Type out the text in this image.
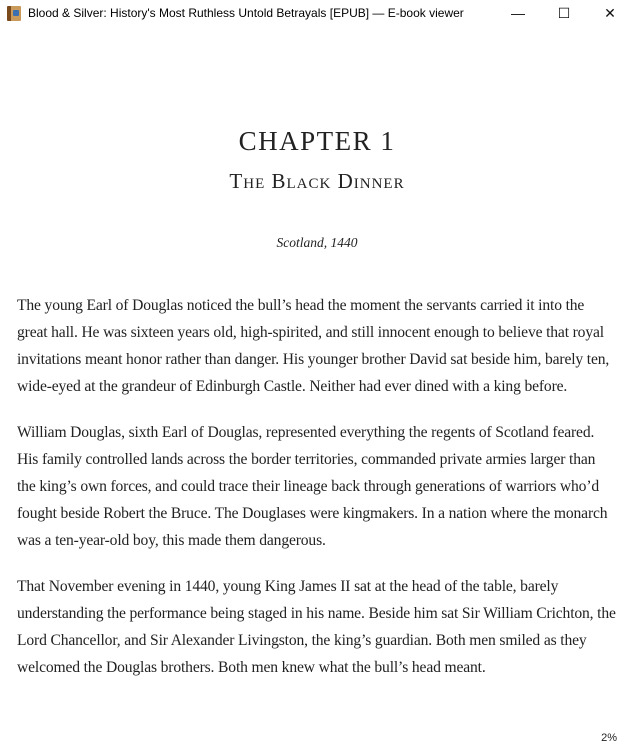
Blood & Silver: History's Most Ruthless Untold Betrayals [EPUB] — E-book viewer	—	☐	✕
CHAPTER 1
The Black Dinner
Scotland, 1440

The young Earl of Douglas noticed the bull’s head the moment the servants carried it into the great hall. He was sixteen years old, high-spirited, and still innocent enough to believe that royal invitations meant honor rather than danger. His younger brother David sat beside him, barely ten, wide-eyed at the grandeur of Edinburgh Castle. Neither had ever dined with a king before.

William Douglas, sixth Earl of Douglas, represented everything the regents of Scotland feared. His family controlled lands across the border territories, commanded private armies larger than the king’s own forces, and could trace their lineage back through generations of warriors who’d fought beside Robert the Bruce. The Douglases were kingmakers. In a nation where the monarch was a ten-year-old boy, this made them dangerous.

That November evening in 1440, young King James II sat at the head of the table, barely understanding the performance being staged in his name. Beside him sat Sir William Crichton, the Lord Chancellor, and Sir Alexander Livingston, the king’s guardian. Both men smiled as they welcomed the Douglas brothers. Both men knew what the bull’s head meant.

2%
